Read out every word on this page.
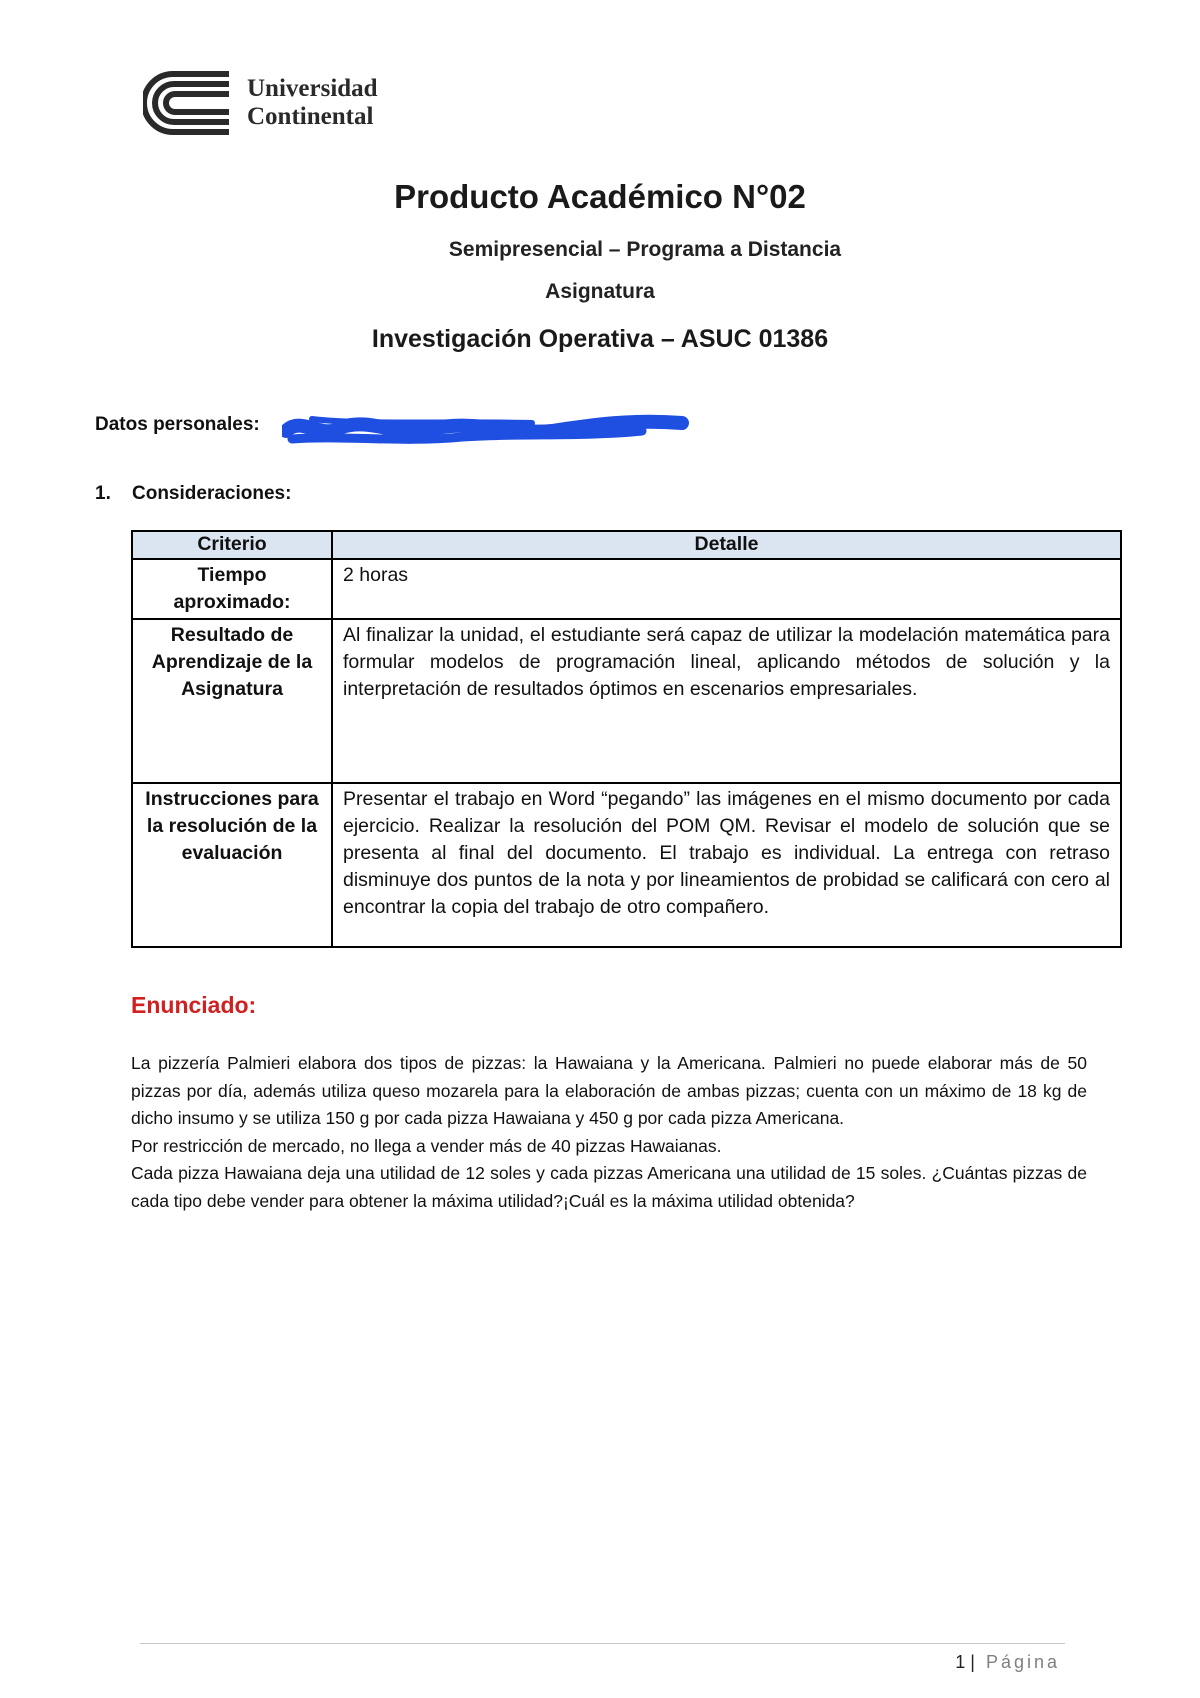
Universidad
Continental
Producto Académico N°02
Semipresencial – Programa a Distancia
Asignatura
Investigación Operativa – ASUC 01386
Datos personales:
1. Consideraciones:
Criterio	Detalle
Tiempo aproximado:	2 horas
Resultado de Aprendizaje de la Asignatura	Al finalizar la unidad, el estudiante será capaz de utilizar la modelación matemática para formular modelos de programación lineal, aplicando métodos de solución y la interpretación de resultados óptimos en escenarios empresariales.
Instrucciones para la resolución de la evaluación	Presentar el trabajo en Word “pegando” las imágenes en el mismo documento por cada ejercicio. Realizar la resolución del POM QM. Revisar el modelo de solución que se presenta al final del documento. El trabajo es individual. La entrega con retraso disminuye dos puntos de la nota y por lineamientos de probidad se calificará con cero al encontrar la copia del trabajo de otro compañero.
Enunciado:

La pizzería Palmieri elabora dos tipos de pizzas: la Hawaiana y la Americana. Palmieri no puede elaborar más de 50 pizzas por día, además utiliza queso mozarela para la elaboración de ambas pizzas; cuenta con un máximo de 18 kg de dicho insumo y se utiliza 150 g por cada pizza Hawaiana y 450 g por cada pizza Americana.

Por restricción de mercado, no llega a vender más de 40 pizzas Hawaianas.

Cada pizza Hawaiana deja una utilidad de 12 soles y cada pizzas Americana una utilidad de 15 soles. ¿Cuántas pizzas de cada tipo debe vender para obtener la máxima utilidad?¡Cuál es la máxima utilidad obtenida?

1 | Página
